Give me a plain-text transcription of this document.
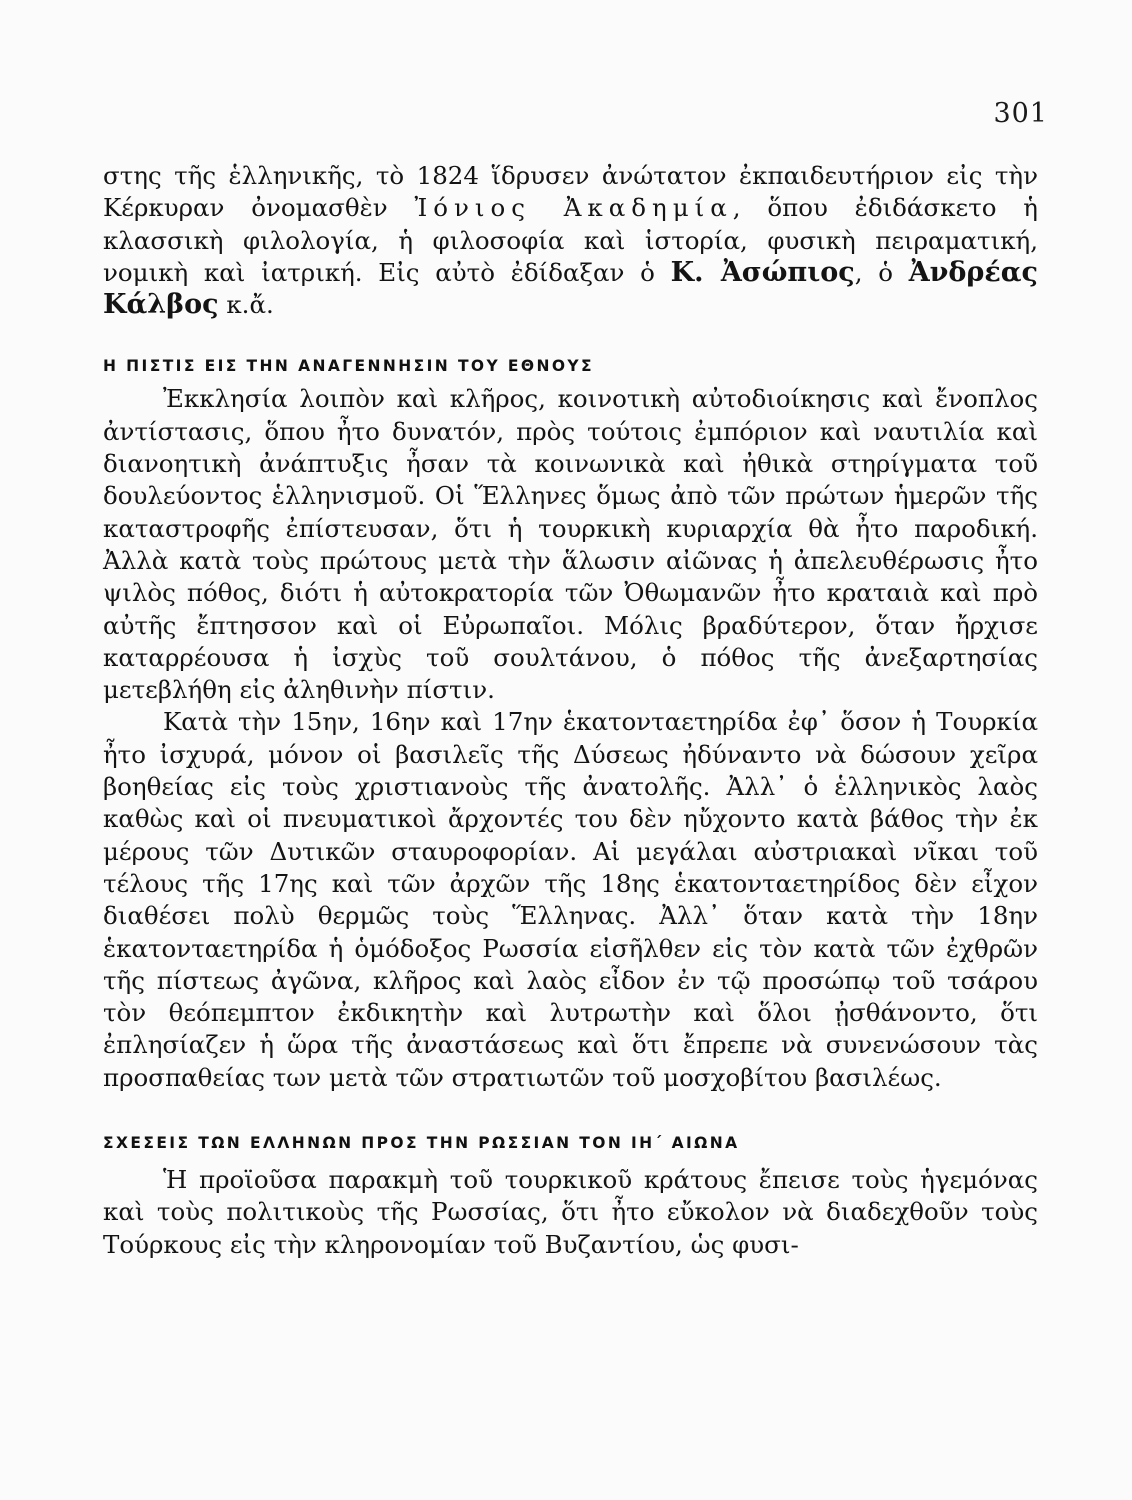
301

στης τῆς ἑλληνικῆς, τὸ 1824 ἵδρυσεν ἀνώτατον ἐκπαιδευτήριον εἰς τὴν Κέρκυραν ὀνομασθὲν Ἰόνιος Ἀκαδημία, ὅπου ἐδιδάσκετο ἡ κλασσικὴ φιλολογία, ἡ φιλοσοφία καὶ ἱστορία, φυσικὴ πειραματική, νομικὴ καὶ ἰατρική. Εἰς αὐτὸ ἐδίδαξαν ὁ Κ. Ἀσώπιος, ὁ Ἀνδρέας Κάλβος κ.ἄ.

Η ΠΙΣΤΙΣ ΕΙΣ ΤΗΝ ΑΝΑΓΕΝΝΗΣΙΝ ΤΟΥ ΕΘΝΟΥΣ

Ἐκκλησία λοιπὸν καὶ κλῆρος, κοινοτικὴ αὐτοδιοίκησις καὶ ἔνοπλος ἀντίστασις, ὅπου ἦτο δυνατόν, πρὸς τούτοις ἐμπόριον καὶ ναυτιλία καὶ διανοητικὴ ἀνάπτυξις ἦσαν τὰ κοινωνικὰ καὶ ἠθικὰ στηρίγματα τοῦ δουλεύοντος ἑλληνισμοῦ. Οἱ Ἕλληνες ὅμως ἀπὸ τῶν πρώτων ἡμερῶν τῆς καταστροφῆς ἐπίστευσαν, ὅτι ἡ τουρκικὴ κυριαρχία θὰ ἦτο παροδική. Ἀλλὰ κατὰ τοὺς πρώτους μετὰ τὴν ἅλωσιν αἰῶνας ἡ ἀπελευθέρωσις ἦτο ψιλὸς πόθος, διότι ἡ αὐτοκρατορία τῶν Ὀθωμανῶν ἦτο κραταιὰ καὶ πρὸ αὐτῆς ἔπτησσον καὶ οἱ Εὐρωπαῖοι. Μόλις βραδύτερον, ὅταν ἤρχισε καταρρέουσα ἡ ἰσχὺς τοῦ σουλτάνου, ὁ πόθος τῆς ἀνεξαρτησίας μετεβλήθη εἰς ἀληθινὴν πίστιν.

Κατὰ τὴν 15ην, 16ην καὶ 17ην ἑκατονταετηρίδα ἐφ᾽ ὅσον ἡ Τουρκία ἦτο ἰσχυρά, μόνον οἱ βασιλεῖς τῆς Δύσεως ἠδύναντο νὰ δώσουν χεῖρα βοηθείας εἰς τοὺς χριστιανοὺς τῆς ἀνατολῆς. Ἀλλ᾽ ὁ ἑλληνικὸς λαὸς καθὼς καὶ οἱ πνευματικοὶ ἄρχοντές του δὲν ηὔχοντο κατὰ βάθος τὴν ἐκ μέρους τῶν Δυτικῶν σταυροφορίαν. Αἱ μεγάλαι αὐστριακαὶ νῖκαι τοῦ τέλους τῆς 17ης καὶ τῶν ἀρχῶν τῆς 18ης ἑκατονταετηρίδος δὲν εἶχον διαθέσει πολὺ θερμῶς τοὺς Ἕλληνας. Ἀλλ᾽ ὅταν κατὰ τὴν 18ην ἑκατονταετηρίδα ἡ ὁμόδοξος Ρωσσία εἰσῆλθεν εἰς τὸν κατὰ τῶν ἐχθρῶν τῆς πίστεως ἀγῶνα, κλῆρος καὶ λαὸς εἶδον ἐν τῷ προσώπῳ τοῦ τσάρου τὸν θεόπεμπτον ἐκδικητὴν καὶ λυτρωτὴν καὶ ὅλοι ᾐσθάνοντο, ὅτι ἐπλησίαζεν ἡ ὥρα τῆς ἀναστάσεως καὶ ὅτι ἔπρεπε νὰ συνενώσουν τὰς προσπαθείας των μετὰ τῶν στρατιωτῶν τοῦ μοσχοβίτου βασιλέως.

ΣΧΕΣΕΙΣ ΤΩΝ ΕΛΛΗΝΩΝ ΠΡΟΣ ΤΗΝ ΡΩΣΣΙΑΝ ΤΟΝ ΙΗ΄ ΑΙΩΝΑ

Ἡ προϊοῦσα παρακμὴ τοῦ τουρκικοῦ κράτους ἔπεισε τοὺς ἡγεμόνας καὶ τοὺς πολιτικοὺς τῆς Ρωσσίας, ὅτι ἦτο εὔκολον νὰ διαδεχθοῦν τοὺς Τούρκους εἰς τὴν κληρονομίαν τοῦ Βυζαντίου, ὡς φυσι-
